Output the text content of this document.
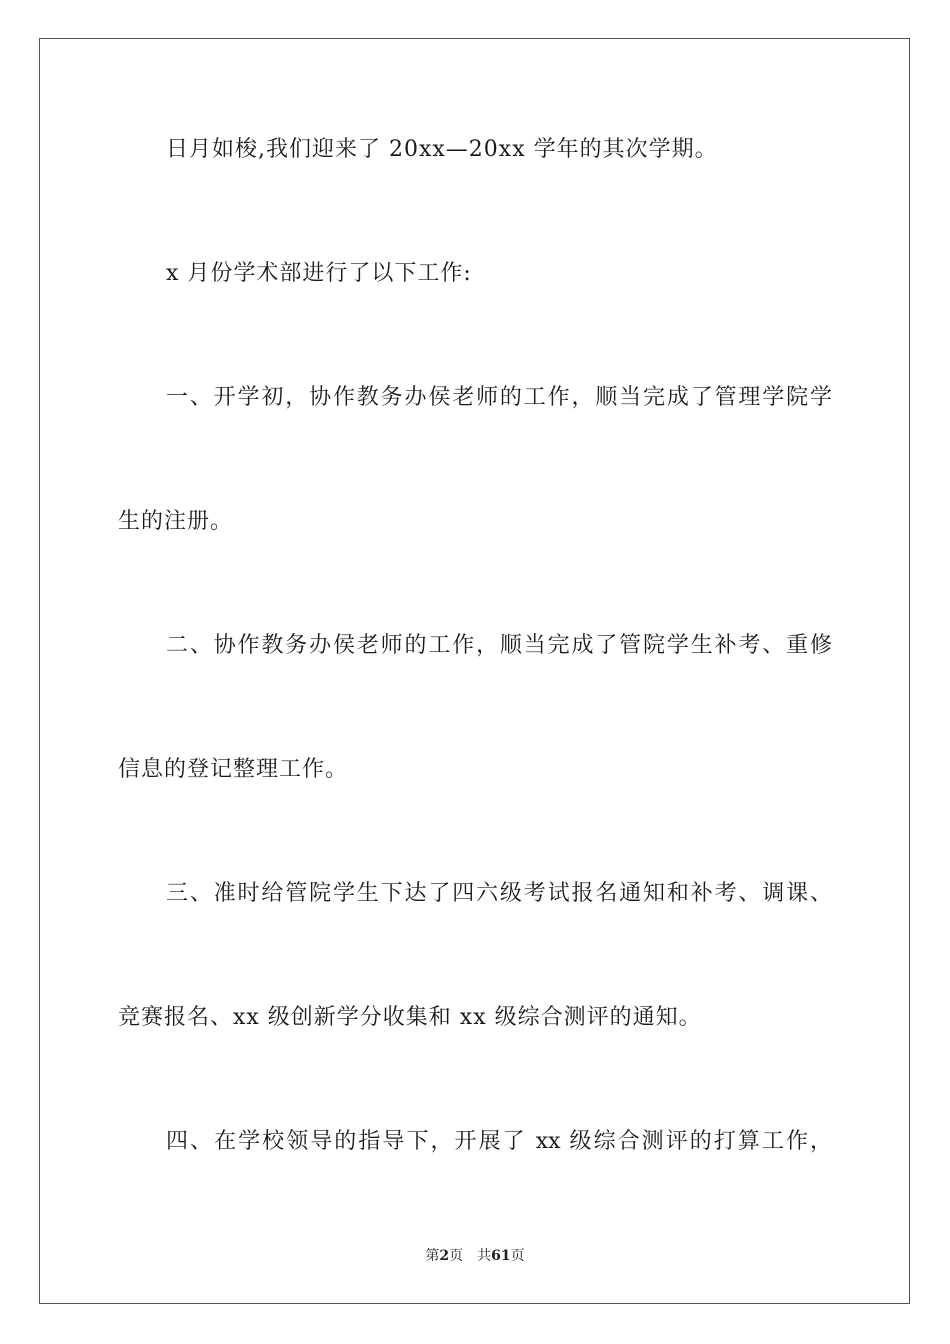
日月如梭,我们迎来了 20xx—20xx 学年的其次学期。
x 月份学术部进行了以下工作:
一、开学初，协作教务办侯老师的工作，顺当完成了管理学院学
生的注册。
二、协作教务办侯老师的工作，顺当完成了管院学生补考、重修
信息的登记整理工作。
三、准时给管院学生下达了四六级考试报名通知和补考、调课、
竞赛报名、xx 级创新学分收集和 xx 级综合测评的通知。
四、在学校领导的指导下，开展了 xx 级综合测评的打算工作，
第2页 共61页
